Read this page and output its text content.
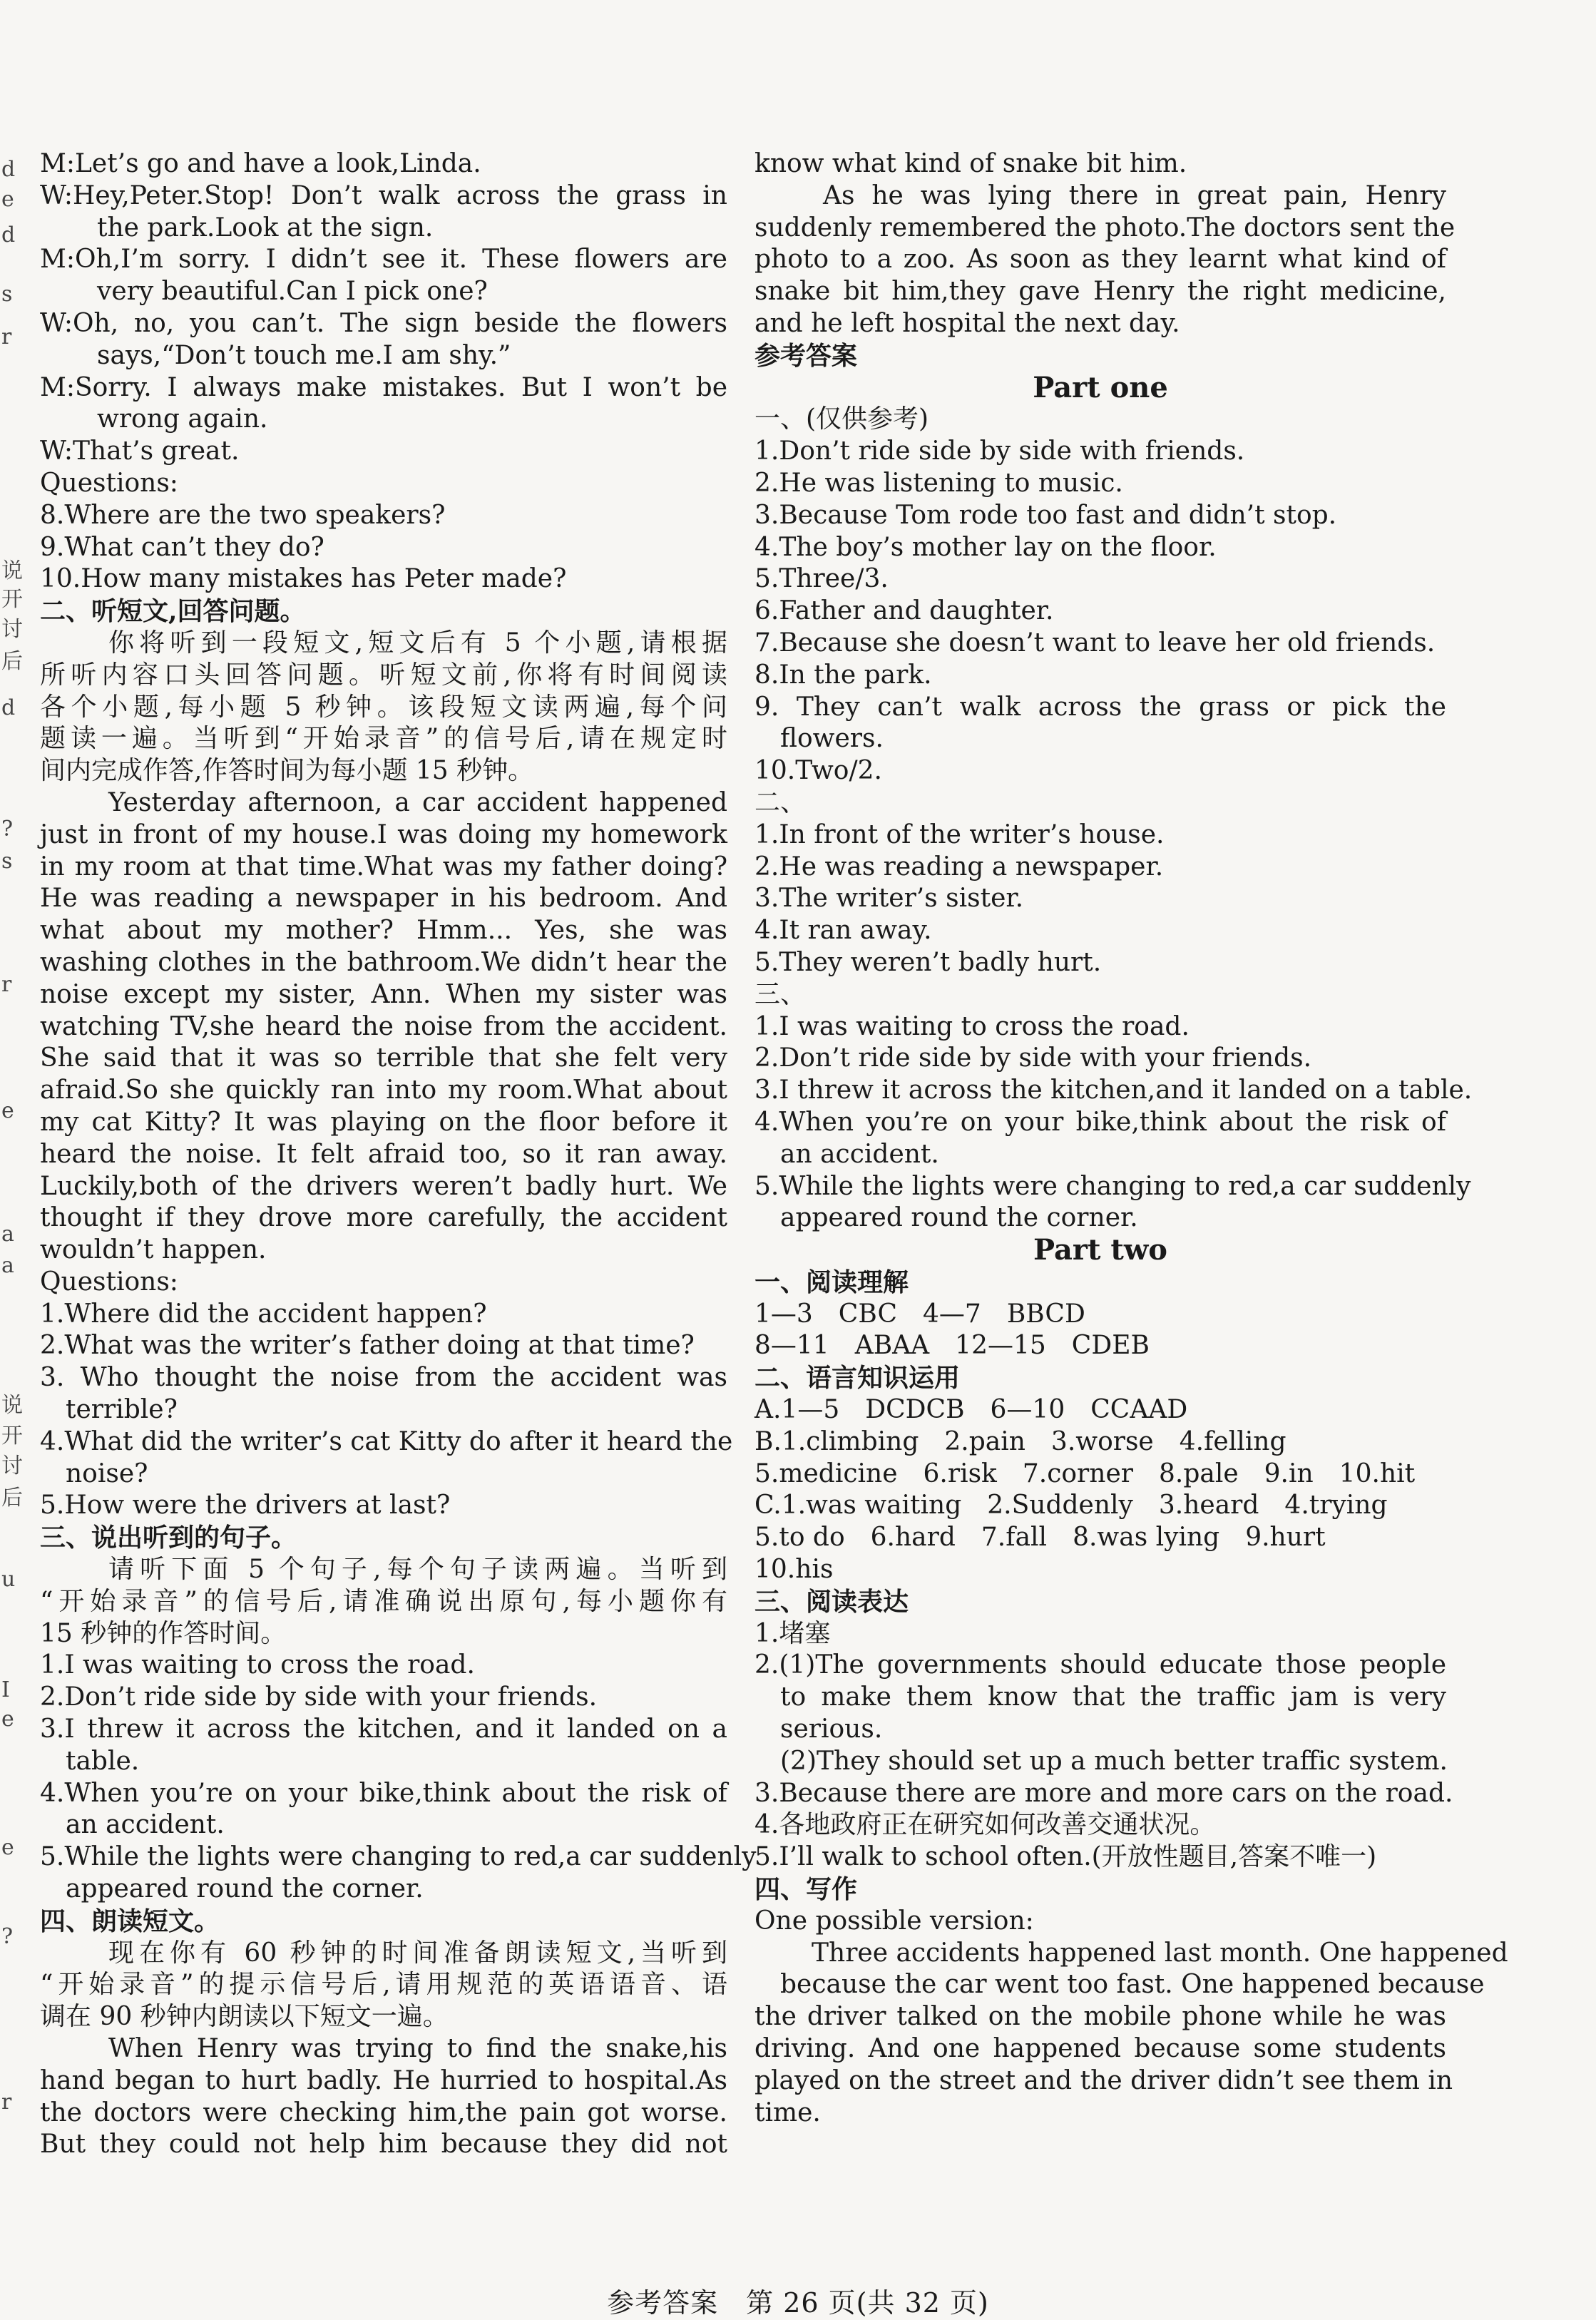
d
e
d
s
r
说
开
讨
后
d
?
s
r
e
a
a
说
开
讨
后
u
I
e
e
?
r
M:Let’s go and have a look,Linda.
W:Hey,Peter.Stop! Don’t walk across the grass in
the park.Look at the sign.
M:Oh,I’m sorry. I didn’t see it. These flowers are
very beautiful.Can I pick one?
W:Oh, no, you can’t. The sign beside the flowers
says,“Don’t touch me.I am shy.”
M:Sorry. I always make mistakes. But I won’t be
wrong again.
W:That’s great.
Questions:
8.Where are the two speakers?
9.What can’t they do?
10.How many mistakes has Peter made?
二、听短文,回答问题。
你将听到一段短文,短文后有 5 个小题,请根据
所听内容口头回答问题。听短文前,你将有时间阅读
各个小题,每小题 5 秒钟。该段短文读两遍,每个问
题读一遍。当听到“开始录音”的信号后,请在规定时
间内完成作答,作答时间为每小题 15 秒钟。
Yesterday afternoon, a car accident happened
just in front of my house.I was doing my homework
in my room at that time.What was my father doing?
He was reading a newspaper in his bedroom. And
what about my mother? Hmm... Yes, she was
washing clothes in the bathroom.We didn’t hear the
noise except my sister, Ann. When my sister was
watching TV,she heard the noise from the accident.
She said that it was so terrible that she felt very
afraid.So she quickly ran into my room.What about
my cat Kitty? It was playing on the floor before it
heard the noise. It felt afraid too, so it ran away.
Luckily,both of the drivers weren’t badly hurt. We
thought if they drove more carefully, the accident
wouldn’t happen.
Questions:
1.Where did the accident happen?
2.What was the writer’s father doing at that time?
3. Who thought the noise from the accident was
terrible?
4.What did the writer’s cat Kitty do after it heard the
noise?
5.How were the drivers at last?
三、说出听到的句子。
请听下面 5 个句子,每个句子读两遍。当听到
“开始录音”的信号后,请准确说出原句,每小题你有
15 秒钟的作答时间。
1.I was waiting to cross the road.
2.Don’t ride side by side with your friends.
3.I threw it across the kitchen, and it landed on a
table.
4.When you’re on your bike,think about the risk of
an accident.
5.While the lights were changing to red,a car suddenly
appeared round the corner.
四、朗读短文。
现在你有 60 秒钟的时间准备朗读短文,当听到
“开始录音”的提示信号后,请用规范的英语语音、语
调在 90 秒钟内朗读以下短文一遍。
When Henry was trying to find the snake,his
hand began to hurt badly. He hurried to hospital.As
the doctors were checking him,the pain got worse.
But they could not help him because they did not
know what kind of snake bit him.
As he was lying there in great pain, Henry
suddenly remembered the photo.The doctors sent the
photo to a zoo. As soon as they learnt what kind of
snake bit him,they gave Henry the right medicine,
and he left hospital the next day.
参考答案
Part one
一、(仅供参考)
1.Don’t ride side by side with friends.
2.He was listening to music.
3.Because Tom rode too fast and didn’t stop.
4.The boy’s mother lay on the floor.
5.Three/3.
6.Father and daughter.
7.Because she doesn’t want to leave her old friends.
8.In the park.
9. They can’t walk across the grass or pick the
flowers.
10.Two/2.
二、
1.In front of the writer’s house.
2.He was reading a newspaper.
3.The writer’s sister.
4.It ran away.
5.They weren’t badly hurt.
三、
1.I was waiting to cross the road.
2.Don’t ride side by side with your friends.
3.I threw it across the kitchen,and it landed on a table.
4.When you’re on your bike,think about the risk of
an accident.
5.While the lights were changing to red,a car suddenly
appeared round the corner.
Part two
一、阅读理解
1—3　CBC　4—7　BBCD
8—11　ABAA　12—15　CDEB
二、语言知识运用
A.1—5　DCDCB　6—10　CCAAD
B.1.climbing　2.pain　3.worse　4.felling
5.medicine　6.risk　7.corner　8.pale　9.in　10.hit
C.1.was waiting　2.Suddenly　3.heard　4.trying
5.to do　6.hard　7.fall　8.was lying　9.hurt
10.his
三、阅读表达
1.堵塞
2.(1)The governments should educate those people
to make them know that the traffic jam is very
serious.
(2)They should set up a much better traffic system.
3.Because there are more and more cars on the road.
4.各地政府正在研究如何改善交通状况。
5.I’ll walk to school often.(开放性题目,答案不唯一)
四、写作
One possible version:
Three accidents happened last month. One happened
because the car went too fast. One happened because
the driver talked on the mobile phone while he was
driving. And one happened because some students
played on the street and the driver didn’t see them in
time.
参考答案　第 26 页(共 32 页)
